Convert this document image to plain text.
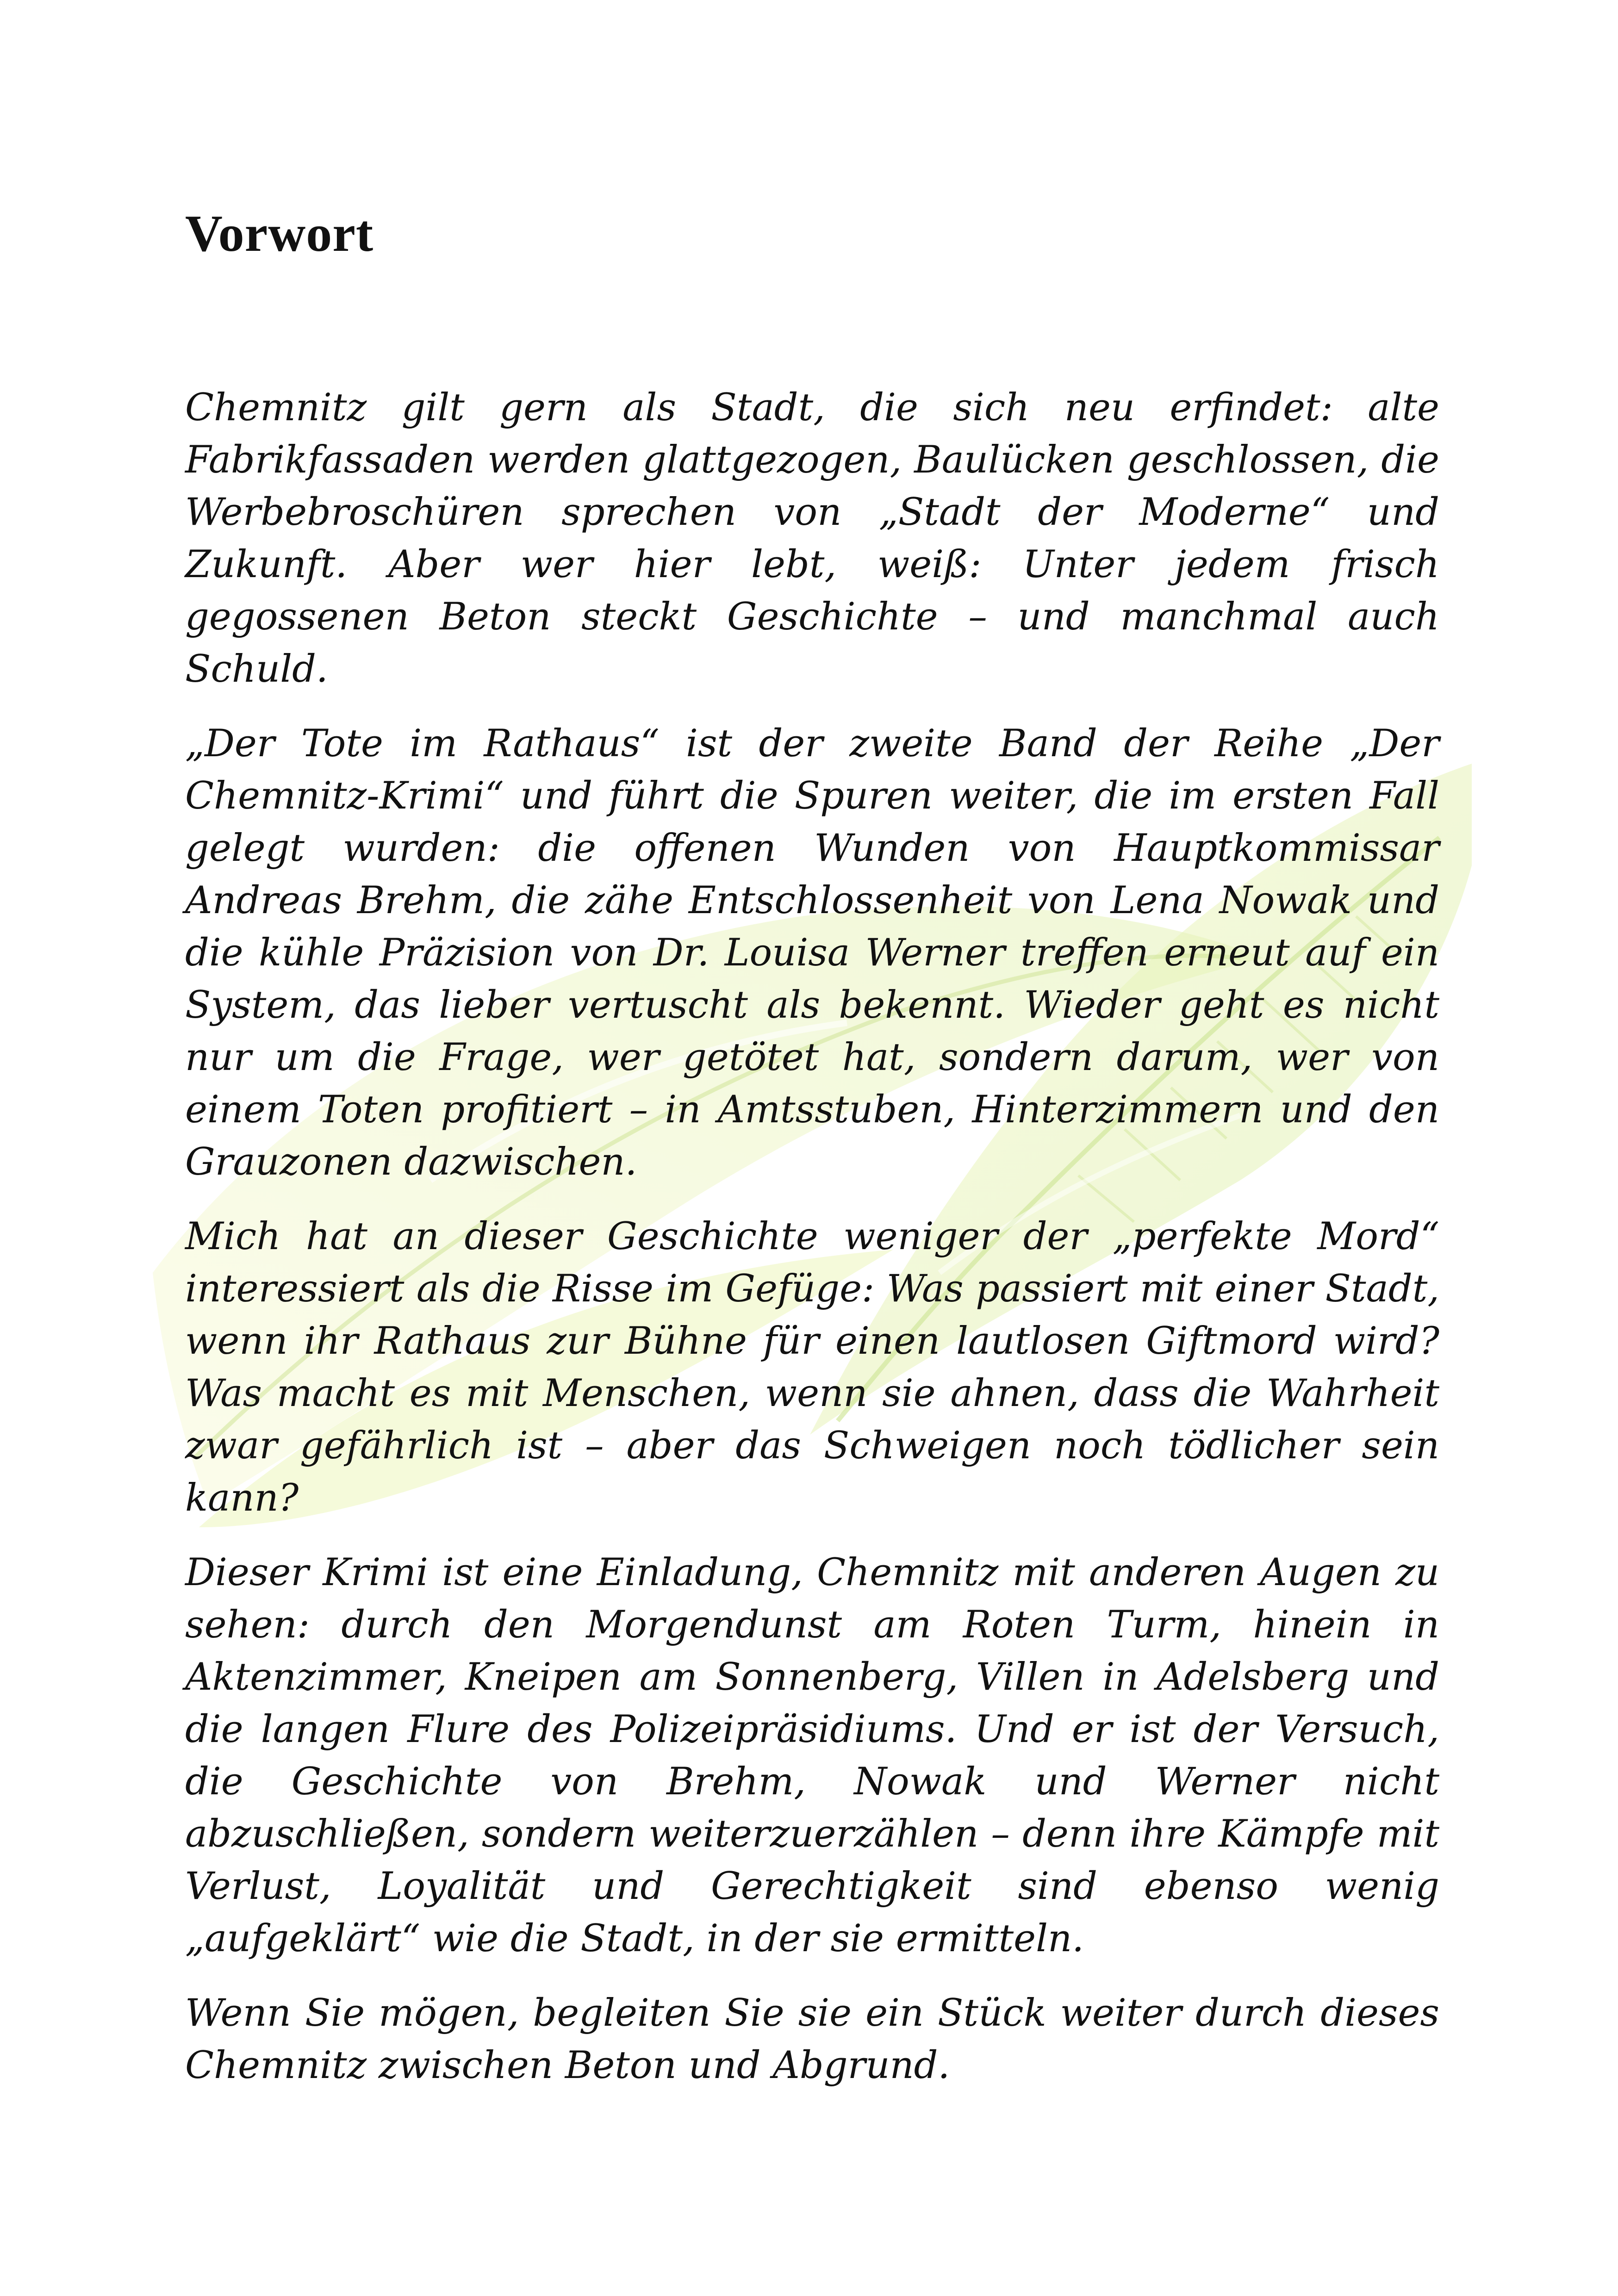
Vorwort

Chemnitz gilt gern als Stadt, die sich neu erfindet: alte Fabrikfassaden werden glattgezogen, Baulücken geschlossen, die Werbebroschüren sprechen von „Stadt der Moderne“ und Zukunft. Aber wer hier lebt, weiß: Unter jedem frisch gegossenen Beton steckt Geschichte – und manchmal auch Schuld.

„Der Tote im Rathaus“ ist der zweite Band der Reihe „Der Chemnitz-Krimi“ und führt die Spuren weiter, die im ersten Fall gelegt wurden: die offenen Wunden von Hauptkommissar Andreas Brehm, die zähe Entschlossenheit von Lena Nowak und die kühle Präzision von Dr. Louisa Werner treffen erneut auf ein System, das lieber vertuscht als bekennt. Wieder geht es nicht nur um die Frage, wer getötet hat, sondern darum, wer von einem Toten profitiert – in Amtsstuben, Hinterzimmern und den Grauzonen dazwischen.

Mich hat an dieser Geschichte weniger der „perfekte Mord“ interessiert als die Risse im Gefüge: Was passiert mit einer Stadt, wenn ihr Rathaus zur Bühne für einen lautlosen Giftmord wird? Was macht es mit Menschen, wenn sie ahnen, dass die Wahrheit zwar gefährlich ist – aber das Schweigen noch tödlicher sein kann?

Dieser Krimi ist eine Einladung, Chemnitz mit anderen Augen zu sehen: durch den Morgendunst am Roten Turm, hinein in Aktenzimmer, Kneipen am Sonnenberg, Villen in Adelsberg und die langen Flure des Polizeipräsidiums. Und er ist der Versuch, die Geschichte von Brehm, Nowak und Werner nicht abzuschließen, sondern weiterzuerzählen – denn ihre Kämpfe mit Verlust, Loyalität und Gerechtigkeit sind ebenso wenig „aufgeklärt“ wie die Stadt, in der sie ermitteln.

Wenn Sie mögen, begleiten Sie sie ein Stück weiter durch dieses Chemnitz zwischen Beton und Abgrund.
